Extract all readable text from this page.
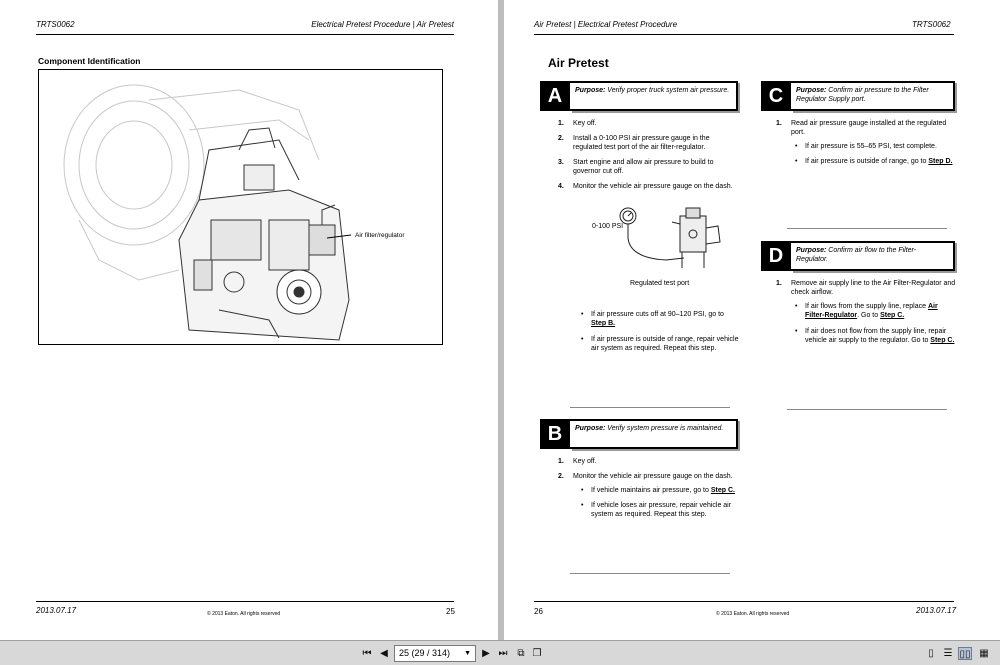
TRTS0062	Electrical Pretest Procedure | Air Pretest
Component Identification
Air filter/regulator
2013.07.17	© 2013 Eaton. All rights reserved	25
Air Pretest | Electrical Pretest Procedure	TRTS0062
Air Pretest
A	Purpose: Verify proper truck system air pressure.
1. Key off.
2. Install a 0-100 PSI air pressure gauge in the regulated test port of the air filter-regulator.
3. Start engine and allow air pressure to build to governor cut off.
4. Monitor the vehicle air pressure gauge on the dash.
0-100 PSI
Regulated test port
• If air pressure cuts off at 90–120 PSI, go to Step B.
• If air pressure is outside of range, repair vehicle air system as required. Repeat this step.
B	Purpose: Verify system pressure is maintained.
1. Key off.
2. Monitor the vehicle air pressure gauge on the dash.
• If vehicle maintains air pressure, go to Step C.
• If vehicle loses air pressure, repair vehicle air system as required. Repeat this step.
C	Purpose: Confirm air pressure to the Filter Regulator Supply port.
1. Read air pressure gauge installed at the regulated port.
• If air pressure is 55–65 PSI, test complete.
• If air pressure is outside of range, go to Step D.
D	Purpose: Confirm air flow to the Filter-Regulator.
1. Remove air supply line to the Air Filter-Regulator and check airflow.
• If air flows from the supply line, replace Air Filter-Regulator. Go to Step C.
• If air does not flow from the supply line, repair vehicle air supply to the regulator. Go to Step C.
26	© 2013 Eaton. All rights reserved	2013.07.17
⏮ ◀	25 (29 / 314) ▼	▶ ⏭ ⧉ ❐	▯ ☰ ▯▯ ▦
